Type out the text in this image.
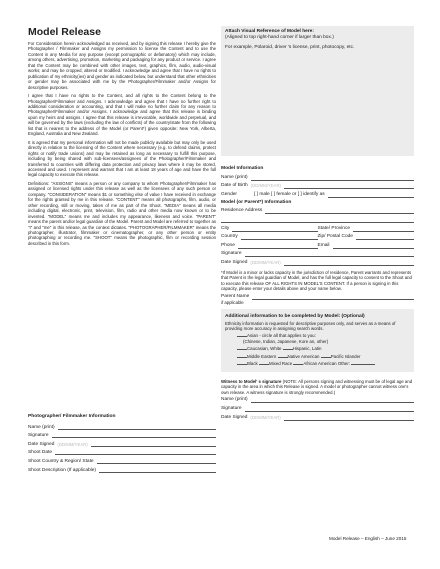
Model Release

For Consideration herein acknowledged as received, and by signing this release I hereby give the Photographer / Filmmaker and Assigns my permission to license the Content and to use the Content in any Media for any purpose (except pornographic or defamatory) which may include, among others, advertising, promotion, marketing and packaging for any product or service. I agree that the Content may be combined with other images, text, graphics, film, audio, audio-visual works; and may be cropped, altered or modified. I acknowledge and agree that I have no rights to publication of my ethnicity(ies) and gender as indicated below, but understand that other ethnicities or gender may be associated with me by the Photographer/Filmmaker and/or Assigns for descriptive purposes.

I agree that I have no rights to the Content, and all rights to the Content belong to the Photographer/Filmmaker and Assigns. I acknowledge and agree that I have no further right to additional consideration or accounting, and that I will make no further claim for any reason to Photographer/Filmmaker and/or Assigns. I acknowledge and agree that this release is binding upon my heirs and assigns. I agree that this release is irrevocable, worldwide and perpetual, and will be governed by the laws (excluding the law of conflicts) of the country/state from the following list that is nearest to the address of the Model (or Parent*) given opposite: New York, Alberta, England, Australia and New Zealand.

It is agreed that my personal information will not be made publicly available but may only be used directly in relation to the licensing of the Content where necessary (e.g. to defend claims, protect rights or notify trade unions) and may be retained as long as necessary to fulfill this purpose, including by being shared with sub-licensees/assignees of the Photographer/Filmmaker and transferred to countries with differing data protection and privacy laws where it may be stored, accessed and used. I represent and warrant that I am at least 18 years of age and have the full legal capacity to execute this release.

Definitions: "ASSIGNS" means a person or any company to whom Photographer/Filmmaker has assigned or licensed rights under this release as well as the licensees of any such person or company. "CONSIDERATION" means $1 or something else of value I have received in exchange for the rights granted by me in this release. "CONTENT" means all photographs, film, audio, or other recording, still or moving, taken of me as part of the Shoot. "MEDIA" means all media including digital, electronic, print, television, film, radio and other media now known or to be invented. "MODEL" means me and includes my appearance, likeness and voice. "PARENT" means the parent and/or legal guardian of the Model. Parent and Model are referred to together as "I" and "me" in this release, as the context dictates. "PHOTOGRAPHER/FILMMAKER" means the photographer, illustrator, filmmaker or cinematographer, or any other person or entity photographing or recording me. "SHOOT" means the photographic, film or recording session described in this form.

Photographer/ Filmmaker Information
Name (print)
Signature
Date Signed (DD/MM/YEAR)
Shoot Date
Shoot Country & Region/ State
Shoot Description (If applicable)
Attach Visual Reference of Model here:
(Aligned to top right-hand corner if larger than box.)
For example, Polaroid, driver 's license, print, photocopy, etc.
Model Information
Name (print)
Date of Birth (DD/MM/YEAR)
Gender	[ ] male [ ] female or [ ] identify as
Model (or Parent*) Information
Residence Address
City	State/ Province
Country	Zip/ Postal Code
Phone	Email
Signature
Date Signed (DD/MM/YEAR)
*If Model is a minor or lacks capacity in the jurisdiction of residence, Parent warrants and represents that Parent is the legal guardian of Model, and has the full legal capacity to consent to the Shoot and to execute this release OF ALL RIGHTS IN MODEL'S CONTENT. If a person is signing in this capacity, please enter your details above and your name below.
Parent Name
if applicable
Additional information to be completed by Model: (Optional)
Ethnicity information is requested for descriptive purposes only, and serves as a means of providing more accuracy in assigning search words.
Asian - circle all that applies to you:
(Chinese, Indian, Japanese, Kore an, other)
Caucasian, White	Hispanic, Latin
Middle Eastern	Native American	Pacific Islander
Black	Mixed Race	African American Other:
Witness to Model' s signature (NOTE: All persons signing and witnessing must be of legal age and capacity in the area in which this Release is signed. A model or photographer cannot witness one's own release. A witness signature is strongly recommended.)
Name (print)
Signature
Date Signed (DD/MM/YEAR)
Model Release – English – June 2015
